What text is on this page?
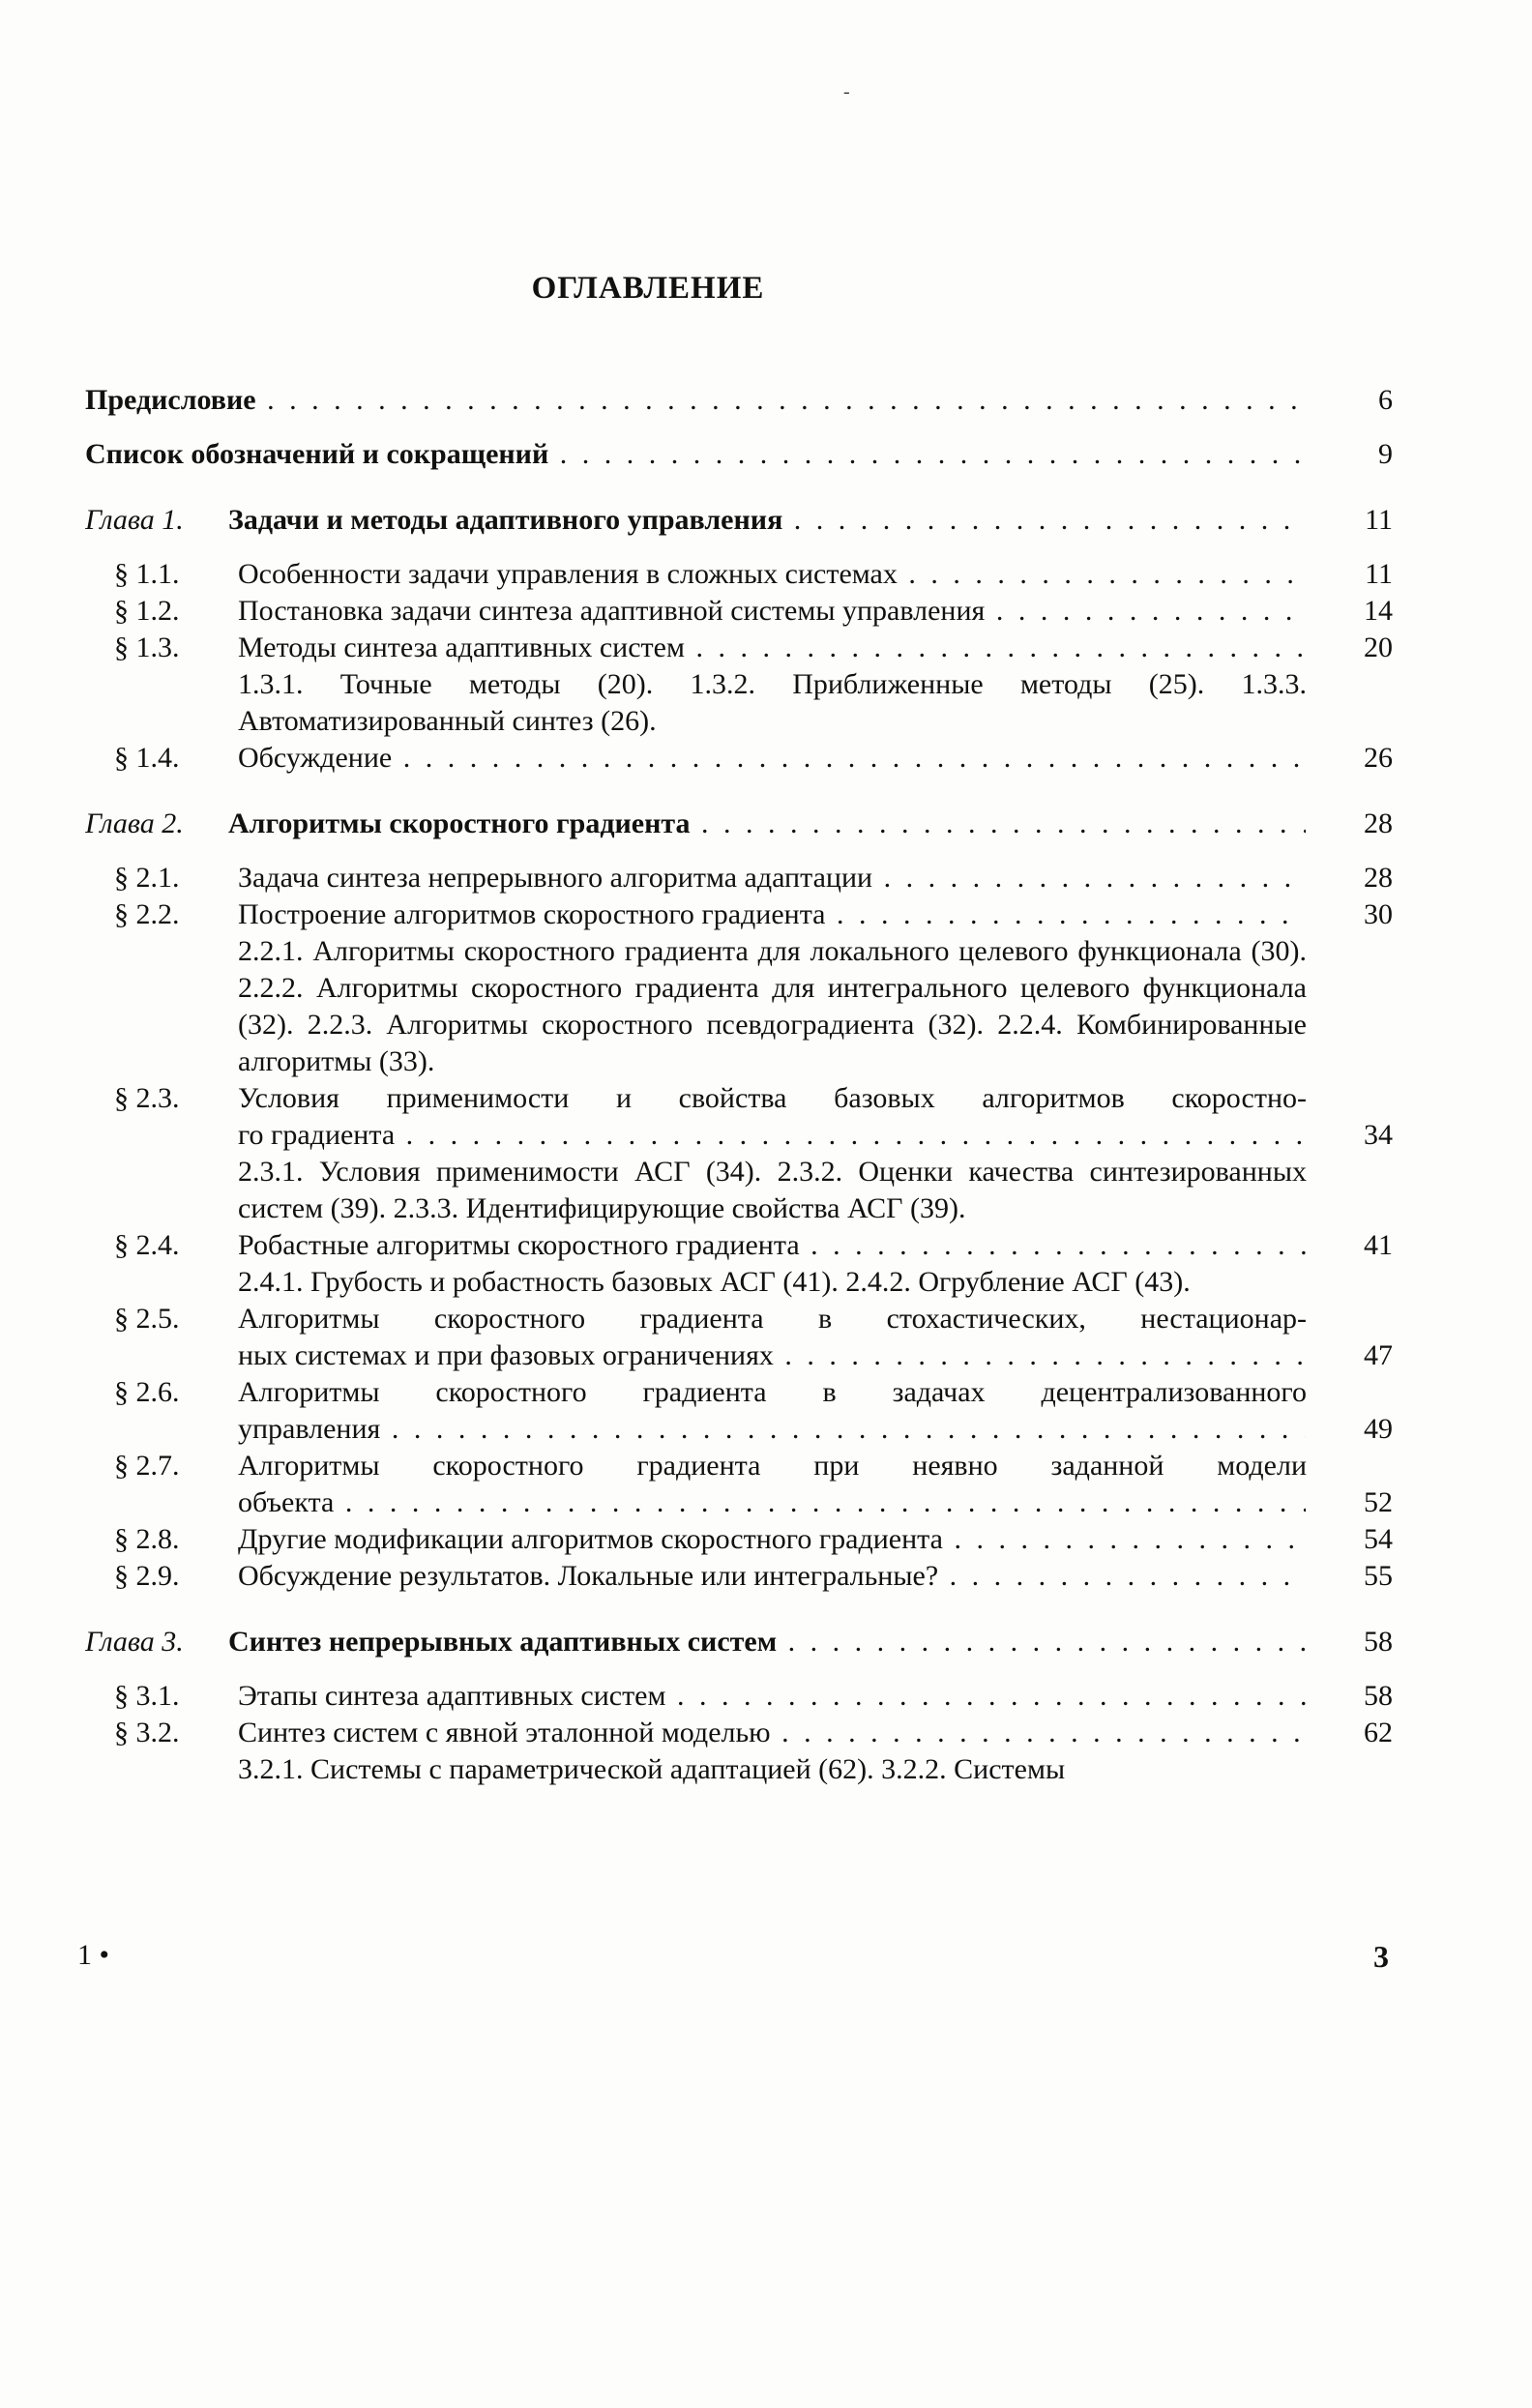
-
ОГЛАВЛЕНИЕ
Предисловие . . .	6
Список обозначений и сокращений . . .	9
Глава 1. Задачи и методы адаптивного управления . . .	11
§ 1.1. Особенности задачи управления в сложных системах . . .	11
§ 1.2. Постановка задачи синтеза адаптивной системы управления . . .	14
§ 1.3. Методы синтеза адаптивных систем . . .	20
1.3.1. Точные методы (20). 1.3.2. Приближенные методы (25). 1.3.3. Автоматизированный синтез (26).
§ 1.4. Обсуждение . . .	26
Глава 2. Алгоритмы скоростного градиента . . .	28
§ 2.1. Задача синтеза непрерывного алгоритма адаптации . . .	28
§ 2.2. Построение алгоритмов скоростного градиента . . .	30
2.2.1. Алгоритмы скоростного градиента для локального целевого функционала (30). 2.2.2. Алгоритмы скоростного градиента для интегрального целевого функционала (32). 2.2.3. Алгоритмы скоростного псевдоградиента (32). 2.2.4. Комбинированные алгоритмы (33).
§ 2.3. Условия применимости и свойства базовых алгоритмов скоростно-
го градиента . . .	34
2.3.1. Условия применимости АСГ (34). 2.3.2. Оценки качества синтезированных систем (39). 2.3.3. Идентифицирующие свойства АСГ (39).
§ 2.4. Робастные алгоритмы скоростного градиента . . .	41
2.4.1. Грубость и робастность базовых АСГ (41). 2.4.2. Огрубление АСГ (43).
§ 2.5. Алгоритмы скоростного градиента в стохастических, нестационар-
ных системах и при фазовых ограничениях . . .	47
§ 2.6. Алгоритмы скоростного градиента в задачах децентрализованного
управления . . .	49
§ 2.7. Алгоритмы скоростного градиента при неявно заданной модели
объекта . . .	52
§ 2.8. Другие модификации алгоритмов скоростного градиента . . .	54
§ 2.9. Обсуждение результатов. Локальные или интегральные? . . .	55
Глава 3. Синтез непрерывных адаптивных систем . . .	58
§ 3.1. Этапы синтеза адаптивных систем . . .	58
§ 3.2. Синтез систем с явной эталонной моделью . . .	62
3.2.1. Системы с параметрической адаптацией (62). 3.2.2. Системы
1 •	3
